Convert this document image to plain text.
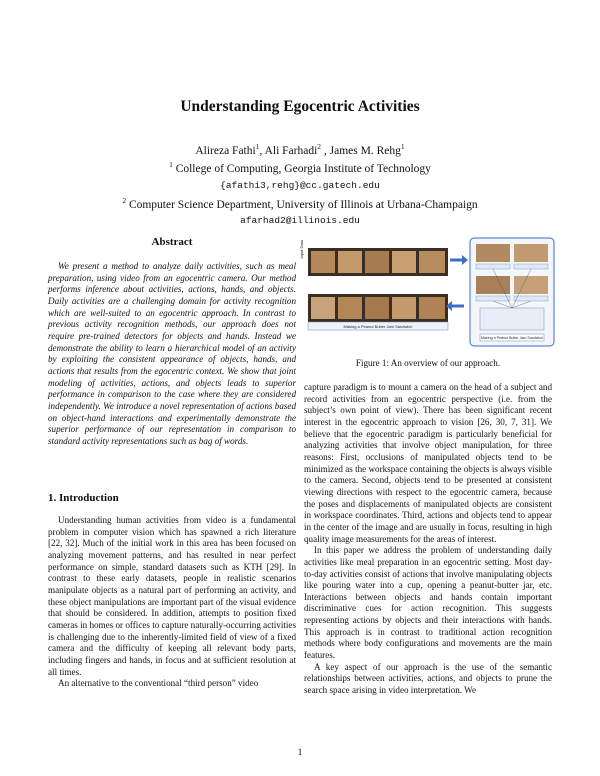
Understanding Egocentric Activities
Alireza Fathi$^1$, Ali Farhadi$^2$ , James M. Rehg$^1$
$^1$ College of Computing, Georgia Institute of Technology
{afathi3,rehg}@cc.gatech.edu
$^2$ Computer Science Department, University of Illinois at Urbana-Champaign
afarhad2@illinois.edu
Abstract

We present a method to analyze daily activities, such as meal preparation, using video from an egocentric camera. Our method performs inference about activities, actions, hands, and objects. Daily activities are a challenging domain for activity recognition which are well-suited to an egocentric approach. In contrast to previous activity recognition methods, our approach does not require pre-trained detectors for objects and hands. Instead we demonstrate the ability to learn a hierarchical model of an activity by exploiting the consistent appearance of objects, hands, and actions that results from the egocentric context. We show that joint modeling of activities, actions, and objects leads to superior performance in comparison to the case where they are considered independently. We introduce a novel representation of actions based on object-hand interactions and experimentally demonstrate the superior performance of our representation in comparison to standard activity representations such as bag of words.

1. Introduction

Understanding human activities from video is a fundamental problem in computer vision which has spawned a rich literature [22, 32]. Much of the initial work in this area has been focused on analyzing movement patterns, and has resulted in near perfect performance on simple, standard datasets such as KTH [29]. In contrast to these early datasets, people in realistic scenarios manipulate objects as a natural part of performing an activity, and these object manipulations are important part of the visual evidence that should be considered. In addition, attempts to position fixed cameras in homes or offices to capture naturally-occurring activities is challenging due to the inherently-limited field of view of a fixed camera and the difficulty of keeping all relevant body parts, including fingers and hands, in focus and at sufficient resolution at all times.

An alternative to the conventional “third person” video

Input Data
Making a Peanut Butter Jam Sandwich
Making a Peanut Butter Jam Sandwich
Figure 1: An overview of our approach.

capture paradigm is to mount a camera on the head of a subject and record activities from an egocentric perspective (i.e. from the subject’s own point of view). There has been significant recent interest in the egocentric approach to vision [26, 30, 7, 31]. We believe that the egocentric paradigm is particularly beneficial for analyzing activities that involve object manipulation, for three reasons: First, occlusions of manipulated objects tend to be minimized as the workspace containing the objects is always visible to the camera. Second, objects tend to be presented at consistent viewing directions with respect to the egocentric camera, because the poses and displacements of manipulated objects are consistent in workspace coordinates. Third, actions and objects tend to appear in the center of the image and are usually in focus, resulting in high quality image measurements for the areas of interest.

In this paper we address the problem of understanding daily activities like meal preparation in an egocentric setting. Most day-to-day activities consist of actions that involve manipulating objects like pouring water into a cup, opening a peanut-butter jar, etc. Interactions between objects and hands contain important discriminative cues for action recognition. This suggests representing actions by objects and their interactions with hands. This approach is in contrast to traditional action recognition methods where body configurations and movements are the main features.

A key aspect of our approach is the use of the semantic relationships between activities, actions, and objects to prune the search space arising in video interpretation. We

1
